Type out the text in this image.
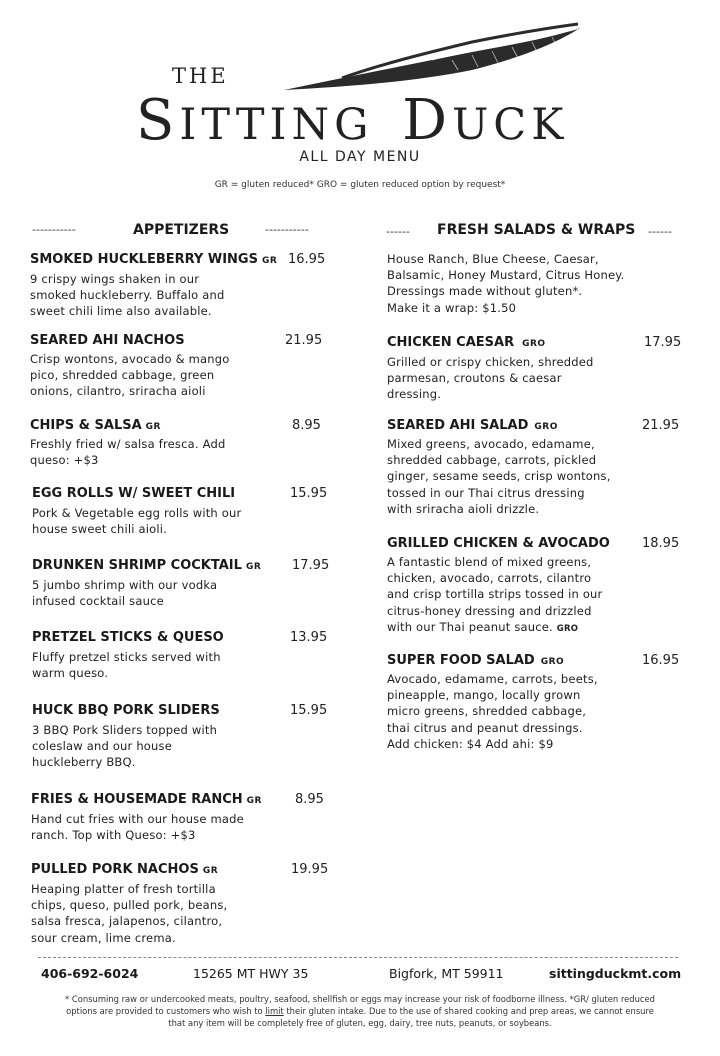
THE
SITTING DUCK
ALL DAY MENU
GR = gluten reduced* GRO = gluten reduced option by request*
-----------	APPETIZERS	-----------	------ FRESH SALADS & WRAPS ------
SMOKED HUCKLEBERRY WINGS GR 16.95
9 crispy wings shaken in our
smoked huckleberry. Buffalo and
sweet chili lime also available.
SEARED AHI NACHOS	21.95
Crisp wontons, avocado & mango
pico, shredded cabbage, green
onions, cilantro, sriracha aioli
CHIPS & SALSA GR	8.95
Freshly fried w/ salsa fresca. Add
queso: +$3
EGG ROLLS W/ SWEET CHILI	15.95
Pork & Vegetable egg rolls with our
house sweet chili aioli.
DRUNKEN SHRIMP COCKTAIL GR	17.95
5 jumbo shrimp with our vodka
infused cocktail sauce
PRETZEL STICKS & QUESO	13.95
Fluffy pretzel sticks served with
warm queso.
HUCK BBQ PORK SLIDERS	15.95
3 BBQ Pork Sliders topped with
coleslaw and our house
huckleberry BBQ.
FRIES & HOUSEMADE RANCH GR	8.95
Hand cut fries with our house made
ranch. Top with Queso: +$3
PULLED PORK NACHOS GR	19.95
Heaping platter of fresh tortilla
chips, queso, pulled pork, beans,
salsa fresca, jalapenos, cilantro,
sour cream, lime crema.
House Ranch, Blue Cheese, Caesar,
Balsamic, Honey Mustard, Citrus Honey.
Dressings made without gluten*.
Make it a wrap: $1.50
CHICKEN CAESAR GRO	17.95
Grilled or crispy chicken, shredded
parmesan, croutons & caesar
dressing.
SEARED AHI SALAD GRO	21.95
Mixed greens, avocado, edamame,
shredded cabbage, carrots, pickled
ginger, sesame seeds, crisp wontons,
tossed in our Thai citrus dressing
with sriracha aioli drizzle.
GRILLED CHICKEN & AVOCADO	18.95
A fantastic blend of mixed greens,
chicken, avocado, carrots, cilantro
and crisp tortilla strips tossed in our
citrus-honey dressing and drizzled
with our Thai peanut sauce. GRO
SUPER FOOD SALAD GRO	16.95
Avocado, edamame, carrots, beets,
pineapple, mango, locally grown
micro greens, shredded cabbage,
thai citrus and peanut dressings.
Add chicken: $4 Add ahi: $9
406-692-6024	15265 MT HWY 35	Bigfork, MT 59911	sittingduckmt.com
* Consuming raw or undercooked meats, poultry, seafood, shellfish or eggs may increase your risk of foodborne illness. *GR/ gluten reduced
options are provided to customers who wish to limit their gluten intake. Due to the use of shared cooking and prep areas, we cannot ensure
that any item will be completely free of gluten, egg, dairy, tree nuts, peanuts, or soybeans.
